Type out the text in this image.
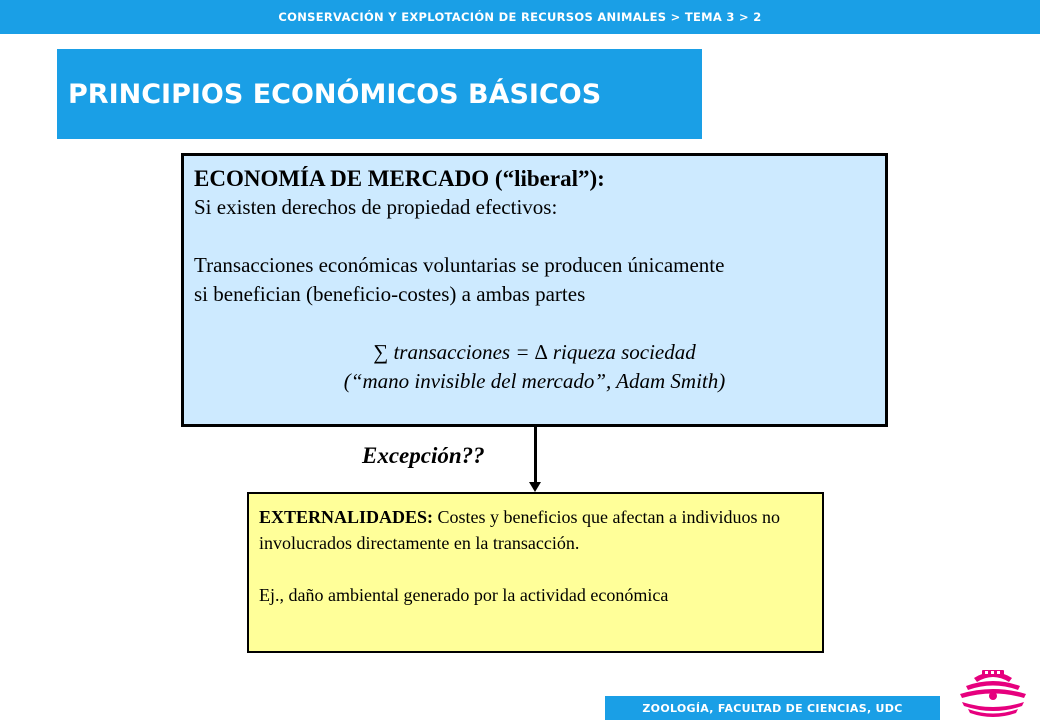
CONSERVACIÓN Y EXPLOTACIÓN DE RECURSOS ANIMALES > TEMA 3 > 2
PRINCIPIOS ECONÓMICOS BÁSICOS

ECONOMÍA DE MERCADO (“liberal”):

Si existen derechos de propiedad efectivos:

Transacciones económicas voluntarias se producen únicamente

si benefician (beneficio-costes) a ambas partes

∑ transacciones = ∆ riqueza sociedad

(“mano invisible del mercado”, Adam Smith)

Excepción??

EXTERNALIDADES: Costes y beneficios que afectan a individuos no involucrados directamente en la transacción.

Ej., daño ambiental generado por la actividad económica

ZOOLOGÍA, FACULTAD DE CIENCIAS, UDC
